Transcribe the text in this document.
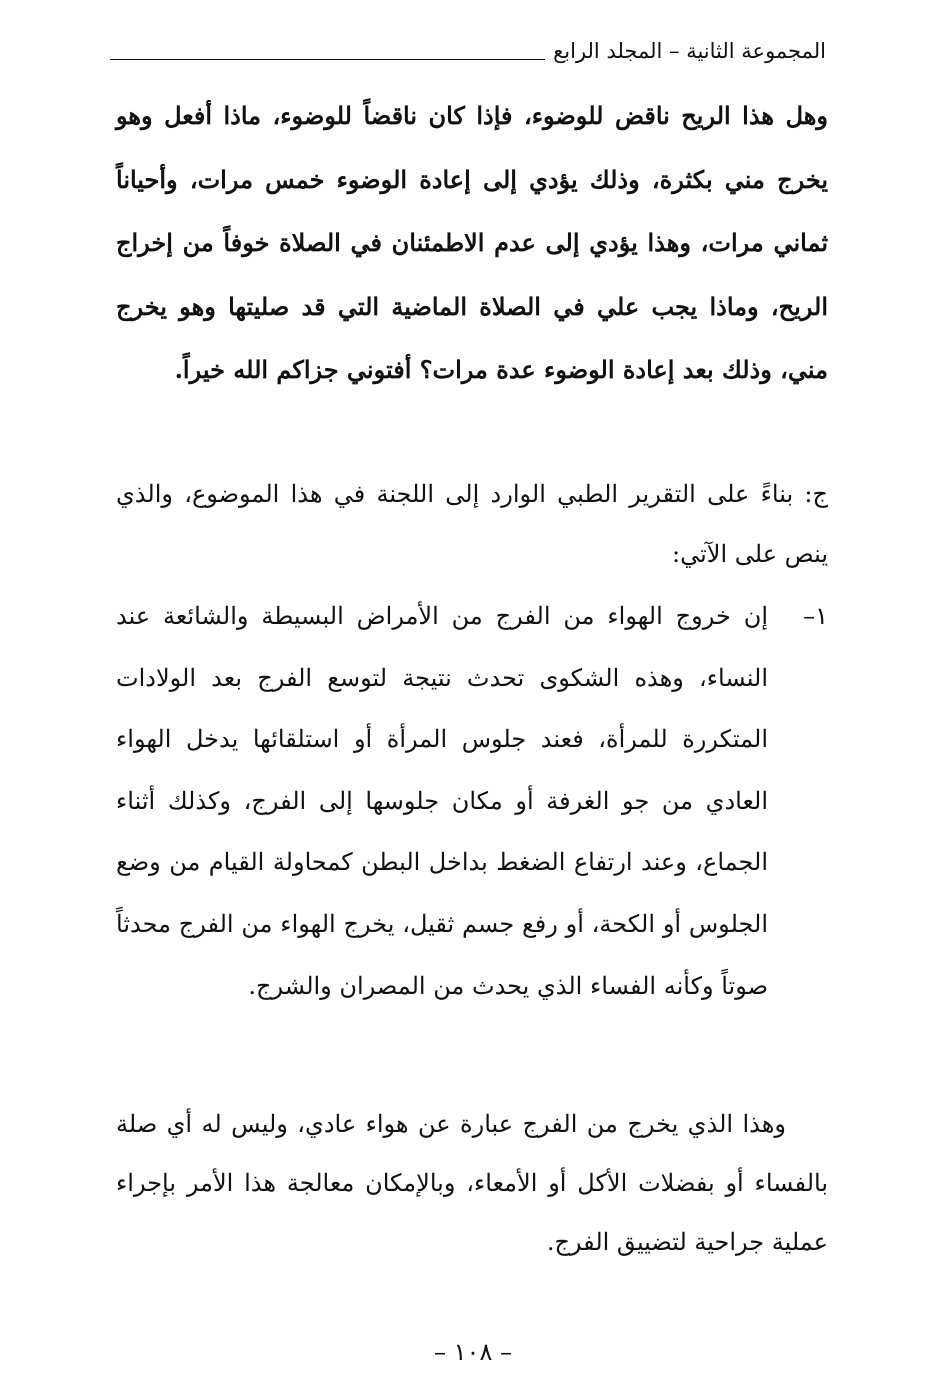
المجموعة الثانية – المجلد الرابع
وهل هذا الريح ناقض للوضوء، فإذا كان ناقضاً للوضوء، ماذا أفعل وهو يخرج مني بكثرة، وذلك يؤدي إلى إعادة الوضوء خمس مرات، وأحياناً ثماني مرات، وهذا يؤدي إلى عدم الاطمئنان في الصلاة خوفاً من إخراج الريح، وماذا يجب علي في الصلاة الماضية التي قد صليتها وهو يخرج مني، وذلك بعد إعادة الوضوء عدة مرات؟ أفتوني جزاكم الله خيراً.
ج: بناءً على التقرير الطبي الوارد إلى اللجنة في هذا الموضوع، والذي ينص على الآتي:
١–
إن خروج الهواء من الفرج من الأمراض البسيطة والشائعة عند النساء، وهذه الشكوى تحدث نتيجة لتوسع الفرج بعد الولادات المتكررة للمرأة، فعند جلوس المرأة أو استلقائها يدخل الهواء العادي من جو الغرفة أو مكان جلوسها إلى الفرج، وكذلك أثناء الجماع، وعند ارتفاع الضغط بداخل البطن كمحاولة القيام من وضع الجلوس أو الكحة، أو رفع جسم ثقيل، يخرج الهواء من الفرج محدثاً صوتاً وكأنه الفساء الذي يحدث من المصران والشرج.
وهذا الذي يخرج من الفرج عبارة عن هواء عادي، وليس له أي صلة بالفساء أو بفضلات الأكل أو الأمعاء، وبالإمكان معالجة هذا الأمر بإجراء عملية جراحية لتضييق الفرج.
– ١٠٨ –
